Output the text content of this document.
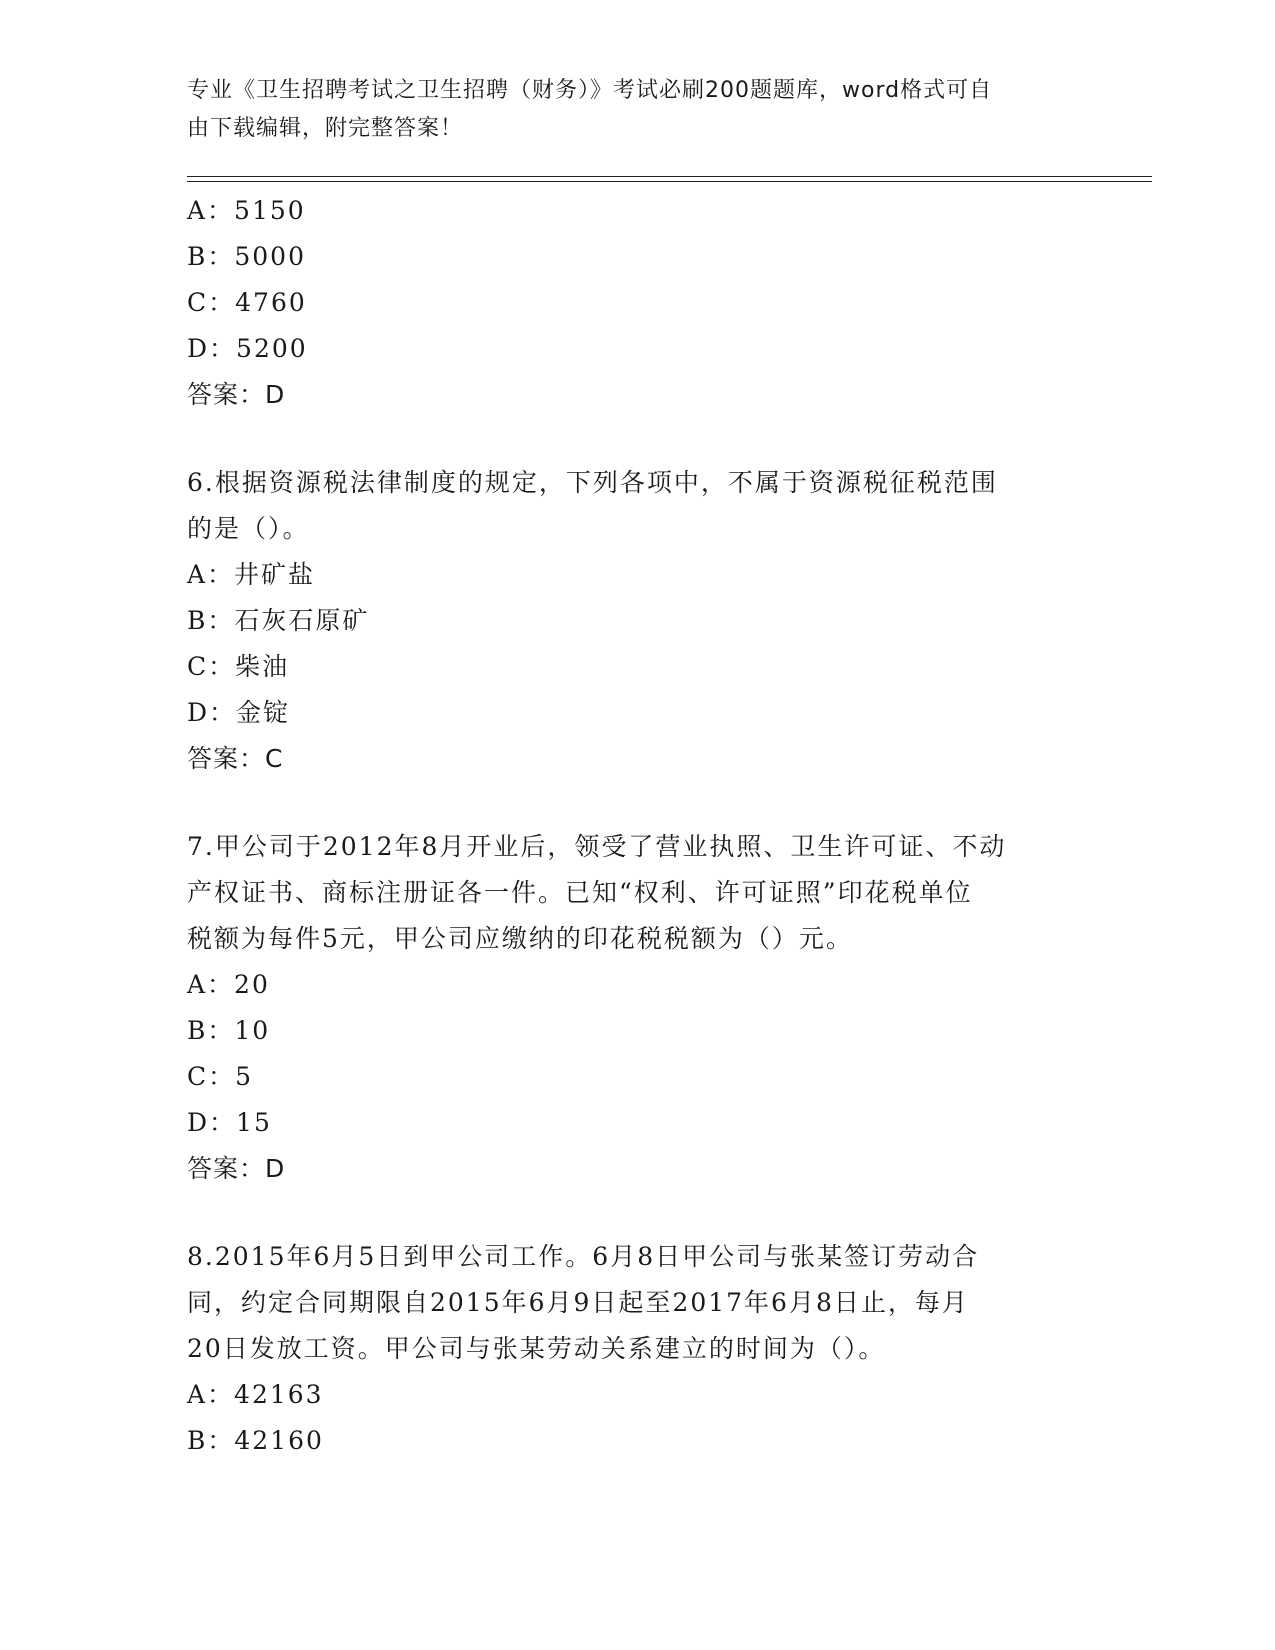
专业《卫生招聘考试之卫生招聘（财务）》考试必刷200题题库，word格式可自
由下载编辑，附完整答案！
A：5150
B：5000
C：4760
D：5200
答案：D
6.根据资源税法律制度的规定，下列各项中，不属于资源税征税范围
的是（）。
A：井矿盐
B：石灰石原矿
C：柴油
D：金锭
答案：C
7.甲公司于2012年8月开业后，领受了营业执照、卫生许可证、不动
产权证书、商标注册证各一件。已知“权利、许可证照”印花税单位
税额为每件5元，甲公司应缴纳的印花税税额为（）元。
A：20
B：10
C：5
D：15
答案：D
8.2015年6月5日到甲公司工作。6月8日甲公司与张某签订劳动合
同，约定合同期限自2015年6月9日起至2017年6月8日止，每月
20日发放工资。甲公司与张某劳动关系建立的时间为（）。
A：42163
B：42160
